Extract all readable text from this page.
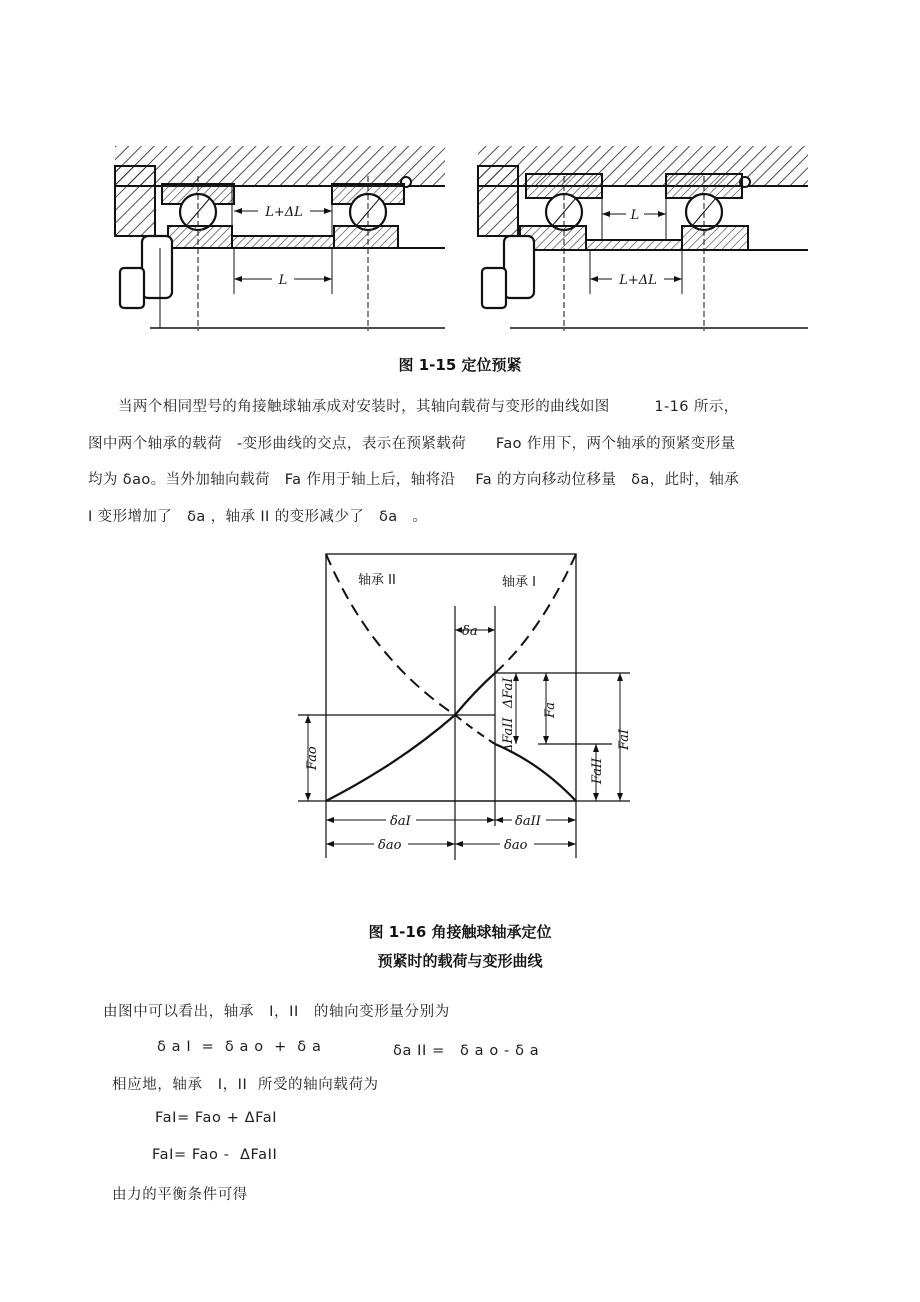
L+ΔL
L
L
L+ΔL
图 1-15 定位预紧

当两个相同型号的角接触球轴承成对安装时，其轴向载荷与变形的曲线如图　　　1-16 所示，

图中两个轴承的载荷　-变形曲线的交点，表示在预紧载荷　　Fao 作用下，两个轴承的预紧变形量

均为 δao。当外加轴向载荷　Fa 作用于轴上后，轴将沿　 Fa 的方向移动位移量　δa，此时，轴承

I 变形增加了　δa ，轴承 II 的变形减少了　δa　。

轴承 II	轴承 I
δa
ΔFaI
ΔFaII
Fa
FaII
FaI
Fao
δaI	δaII
δao	δao
图 1-16 角接触球轴承定位
预紧时的载荷与变形曲线
由图中可以看出，轴承　I，II　的轴向变形量分别为
δ a I  =  δ a o  +  δ a	δa II =　δ a o - δ a
相应地，轴承　I，II  所受的轴向载荷为
FaI= Fao + ΔFaI
FaI= Fao -  ΔFaII
由力的平衡条件可得
